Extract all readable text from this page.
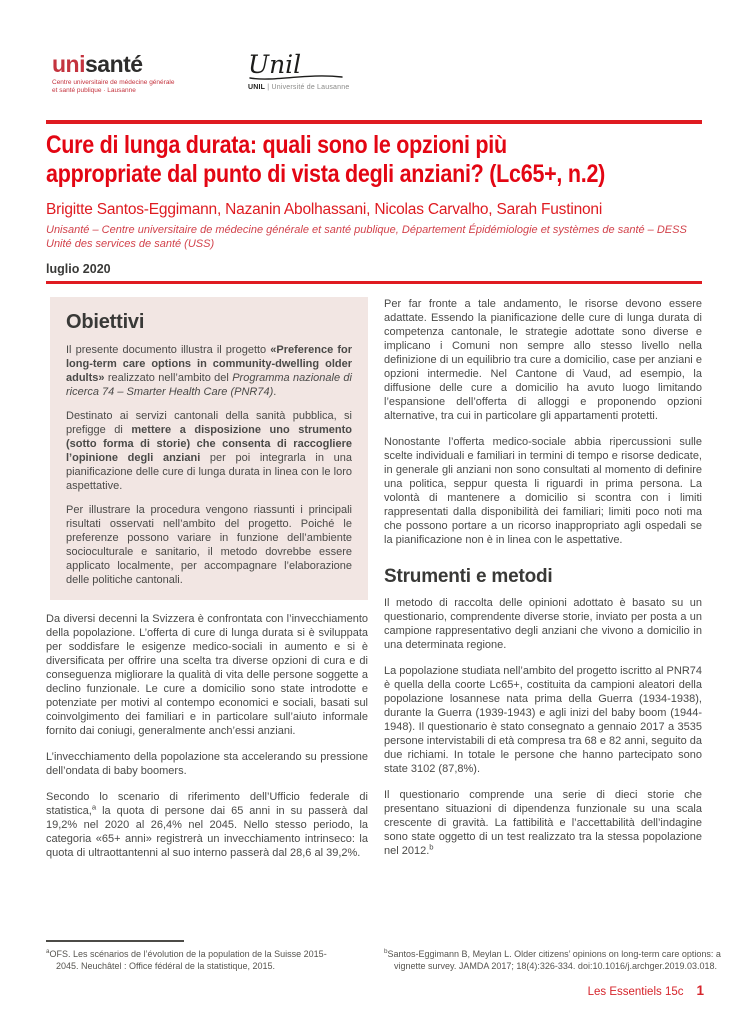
unisanté
Centre universitaire de médecine générale
et santé publique · Lausanne
Unil
UNIL | Université de Lausanne
Cure di lunga durata: quali sono le opzioni più
appropriate dal punto di vista degli anziani? (Lc65+, n.2)
Brigitte Santos-Eggimann, Nazanin Abolhassani, Nicolas Carvalho, Sarah Fustinoni
Unisanté – Centre universitaire de médecine générale et santé publique, Département Épidémiologie et systèmes de santé – DESS Unité des services de santé (USS)
luglio 2020
Obiettivi

Il presente documento illustra il progetto «Preference for long-term care options in community-dwelling older adults» realizzato nell’ambito del Programma nazionale di ricerca 74 – Smarter Health Care (PNR74).

Destinato ai servizi cantonali della sanità pubblica, si prefigge di mettere a disposizione uno strumento (sotto forma di storie) che consenta di raccogliere l’opinione degli anziani per poi integrarla in una pianificazione delle cure di lunga durata in linea con le loro aspettative.

Per illustrare la procedura vengono riassunti i principali risultati osservati nell’ambito del progetto. Poiché le preferenze possono variare in funzione dell’ambiente socioculturale e sanitario, il metodo dovrebbe essere applicato localmente, per accompagnare l’elaborazione delle politiche cantonali.

Da diversi decenni la Svizzera è confrontata con l’invecchiamento della popolazione. L’offerta di cure di lunga durata si è sviluppata per soddisfare le esigenze medico-sociali in aumento e si è diversificata per offrire una scelta tra diverse opzioni di cura e di conseguenza migliorare la qualità di vita delle persone soggette a declino funzionale. Le cure a domicilio sono state introdotte e potenziate per motivi al contempo economici e sociali, basati sul coinvolgimento dei familiari e in particolare sull’aiuto informale fornito dai coniugi, generalmente anch’essi anziani.

L’invecchiamento della popolazione sta accelerando su pressione dell’ondata di baby boomers.

Secondo lo scenario di riferimento dell’Ufficio federale di statistica,$^a$ la quota di persone dai 65 anni in su passerà dal 19,2% nel 2020 al 26,4% nel 2045. Nello stesso periodo, la categoria «65+ anni» registrerà un invecchiamento intrinseco: la quota di ultraottantenni al suo interno passerà dal 28,6 al 39,2%.

Per far fronte a tale andamento, le risorse devono essere adattate. Essendo la pianificazione delle cure di lunga durata di competenza cantonale, le strategie adottate sono diverse e implicano i Comuni non sempre allo stesso livello nella definizione di un equilibrio tra cure a domicilio, case per anziani e opzioni intermedie. Nel Cantone di Vaud, ad esempio, la diffusione delle cure a domicilio ha avuto luogo limitando l’espansione dell’offerta di alloggi e proponendo opzioni alternative, tra cui in particolare gli appartamenti protetti.

Nonostante l’offerta medico-sociale abbia ripercussioni sulle scelte individuali e familiari in termini di tempo e risorse dedicate, in generale gli anziani non sono consultati al momento di definire una politica, seppur questa li riguardi in prima persona. La volontà di mantenere a domicilio si scontra con i limiti rappresentati dalla disponibilità dei familiari; limiti poco noti ma che possono portare a un ricorso inappropriato agli ospedali se la pianificazione non è in linea con le aspettative.

Strumenti e metodi

Il metodo di raccolta delle opinioni adottato è basato su un questionario, comprendente diverse storie, inviato per posta a un campione rappresentativo degli anziani che vivono a domicilio in una determinata regione.

La popolazione studiata nell’ambito del progetto iscritto al PNR74 è quella della coorte Lc65+, costituita da campioni aleatori della popolazione losannese nata prima della Guerra (1934-1938), durante la Guerra (1939-1943) e agli inizi del baby boom (1944-1948). Il questionario è stato consegnato a gennaio 2017 a 3535 persone intervistabili di età compresa tra 68 e 82 anni, seguito da due richiami. In totale le persone che hanno partecipato sono state 3102 (87,8%).

Il questionario comprende una serie di dieci storie che presentano situazioni di dipendenza funzionale su una scala crescente di gravità. La fattibilità e l’accettabilità dell’indagine sono state oggetto di un test realizzato tra la stessa popolazione nel 2012.$^b$

$^a$OFS. Les scénarios de l’évolution de la population de la Suisse 2015-2045. Neuchâtel : Office fédéral de la statistique, 2015.
$^b$Santos-Eggimann B, Meylan L. Older citizens’ opinions on long-term care options: a vignette survey. JAMDA 2017; 18(4):326-334. doi:10.1016/j.archger.2019.03.018.
Les Essentiels 15c 1
